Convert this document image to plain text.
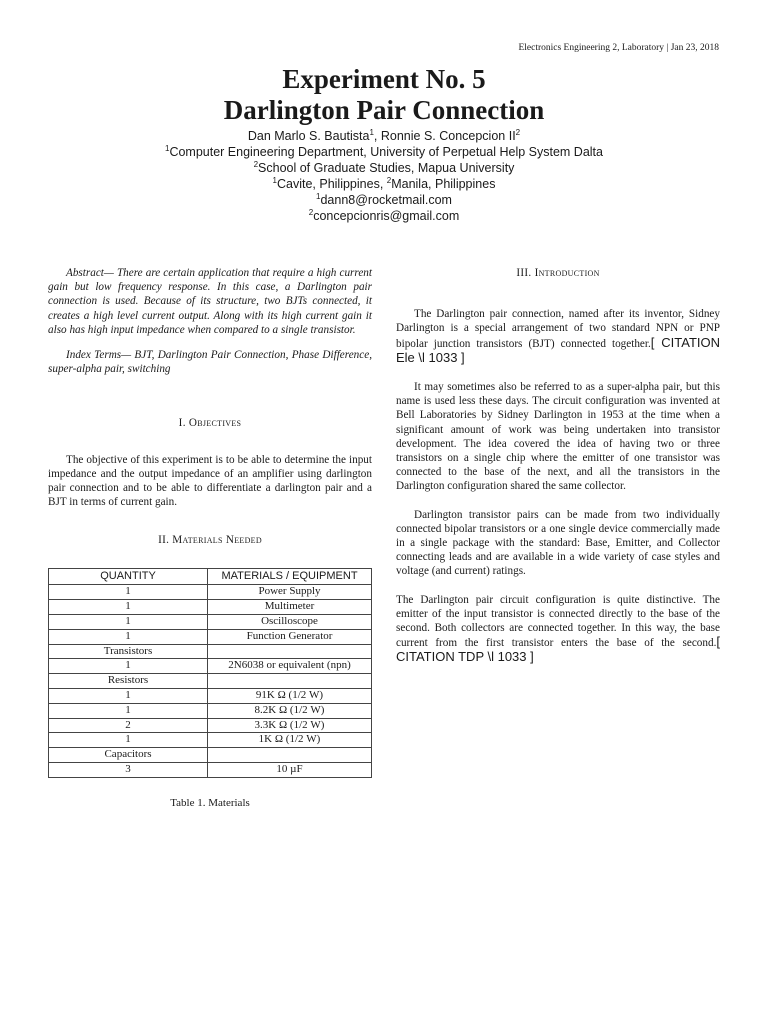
Electronics Engineering 2, Laboratory | Jan 23, 2018
Experiment No. 5
Darlington Pair Connection
Dan Marlo S. Bautista$^1$, Ronnie S. Concepcion $II^2$
$^1$Computer Engineering Department, University of Perpetual Help System Dalta
$^2$School of Graduate Studies, Mapua University
$^1$Cavite, Philippines, $^2$Manila, Philippines
$^1$dann8@rocketmail.com
$^2$concepcionris@gmail.com

Abstract— There are certain application that require a high current gain but low frequency response. In this case, a Darlington pair connection is used. Because of its structure, two BJTs connected, it creates a high level current output. Along with its high current gain it also has high input impedance when compared to a single transistor.

Index Terms— BJT, Darlington Pair Connection, Phase Difference, super-alpha pair, switching

I. Objectives

The objective of this experiment is to be able to determine the input impedance and the output impedance of an amplifier using darlington pair connection and to be able to differentiate a darlington pair and a BJT in terms of current gain.

II. Materials Needed
QUANTITY	MATERIALS / EQUIPMENT
1	Power Supply
1	Multimeter
1	Oscilloscope
1	Function Generator
Transistors	
1	2N6038 or equivalent (npn)
Resistors	
1	91K Ω (1/2 W)
1	8.2K Ω (1/2 W)
2	3.3K Ω (1/2 W)
1	1K Ω (1/2 W)
Capacitors	
3	10 µF
Table 1. Materials
III. Introduction

The Darlington pair connection, named after its inventor, Sidney Darlington is a special arrangement of two standard NPN or PNP bipolar junction transistors (BJT) connected together.[ CITATION Ele \l 1033 ]

It may sometimes also be referred to as a super-alpha pair, but this name is used less these days. The circuit configuration was invented at Bell Laboratories by Sidney Darlington in 1953 at the time when a significant amount of work was being undertaken into transistor development. The idea covered the idea of having two or three transistors on a single chip where the emitter of one transistor was connected to the base of the next, and all the transistors in the Darlington configuration shared the same collector.

Darlington transistor pairs can be made from two individually connected bipolar transistors or a one single device commercially made in a single package with the standard: Base, Emitter, and Collector connecting leads and are available in a wide variety of case styles and voltage (and current) ratings.

The Darlington pair circuit configuration is quite distinctive. The emitter of the input transistor is connected directly to the base of the second. Both collectors are connected together. In this way, the base current from the first transistor enters the base of the second.[ CITATION TDP \l 1033 ]
